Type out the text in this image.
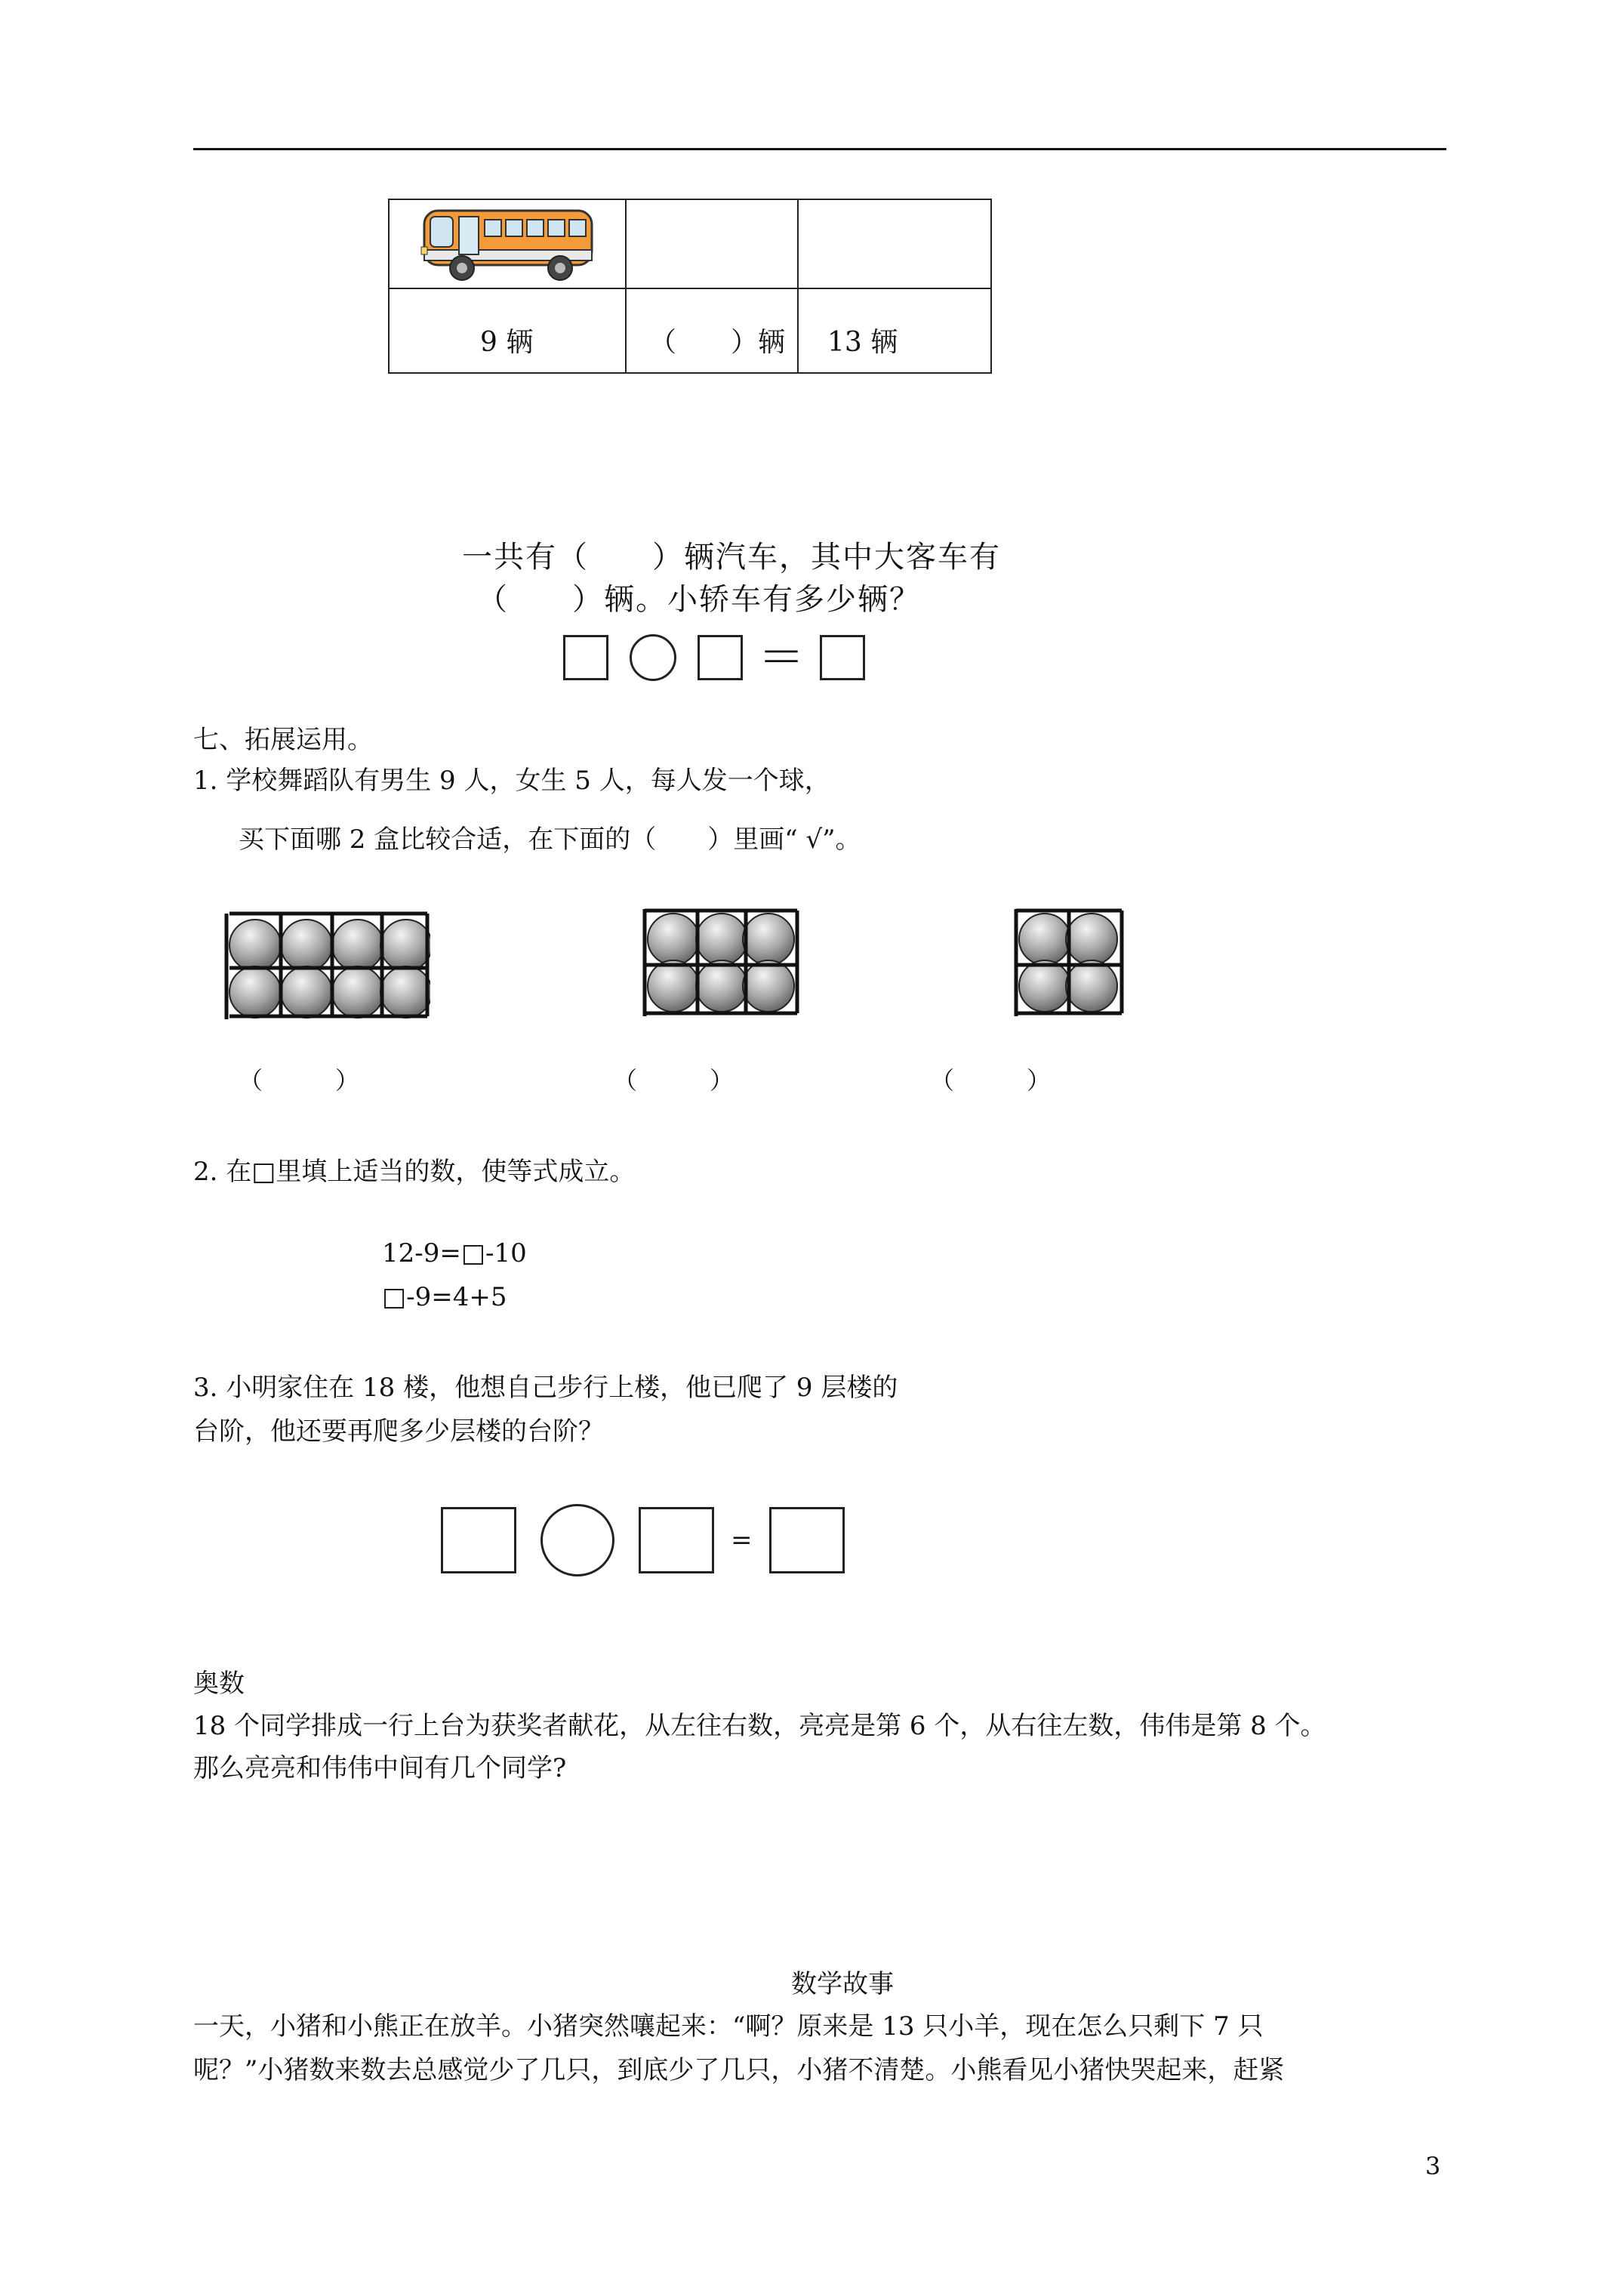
9 辆	（　　）辆 13 辆
一共有（　　）辆汽车，其中大客车有
（　　）辆。小轿车有多少辆？
＝
七、拓展运用。
1. 学校舞蹈队有男生 9 人，女生 5 人，每人发一个球，
买下面哪 2 盒比较合适，在下面的（　　）里画“ √”。
（　　　）	（　　　）	（　　　）
2. 在□里填上适当的数，使等式成立。
12-9=□-10
□-9=4+5
3. 小明家住在 18 楼，他想自己步行上楼，他已爬了 9 层楼的
台阶，他还要再爬多少层楼的台阶？
=
奥数
18 个同学排成一行上台为获奖者献花，从左往右数，亮亮是第 6 个，从右往左数，伟伟是第 8 个。
那么亮亮和伟伟中间有几个同学?
数学故事
一天，小猪和小熊正在放羊。小猪突然嚷起来：“啊？原来是 13 只小羊，现在怎么只剩下 7 只
呢？”小猪数来数去总感觉少了几只，到底少了几只，小猪不清楚。小熊看见小猪快哭起来，赶紧
3
